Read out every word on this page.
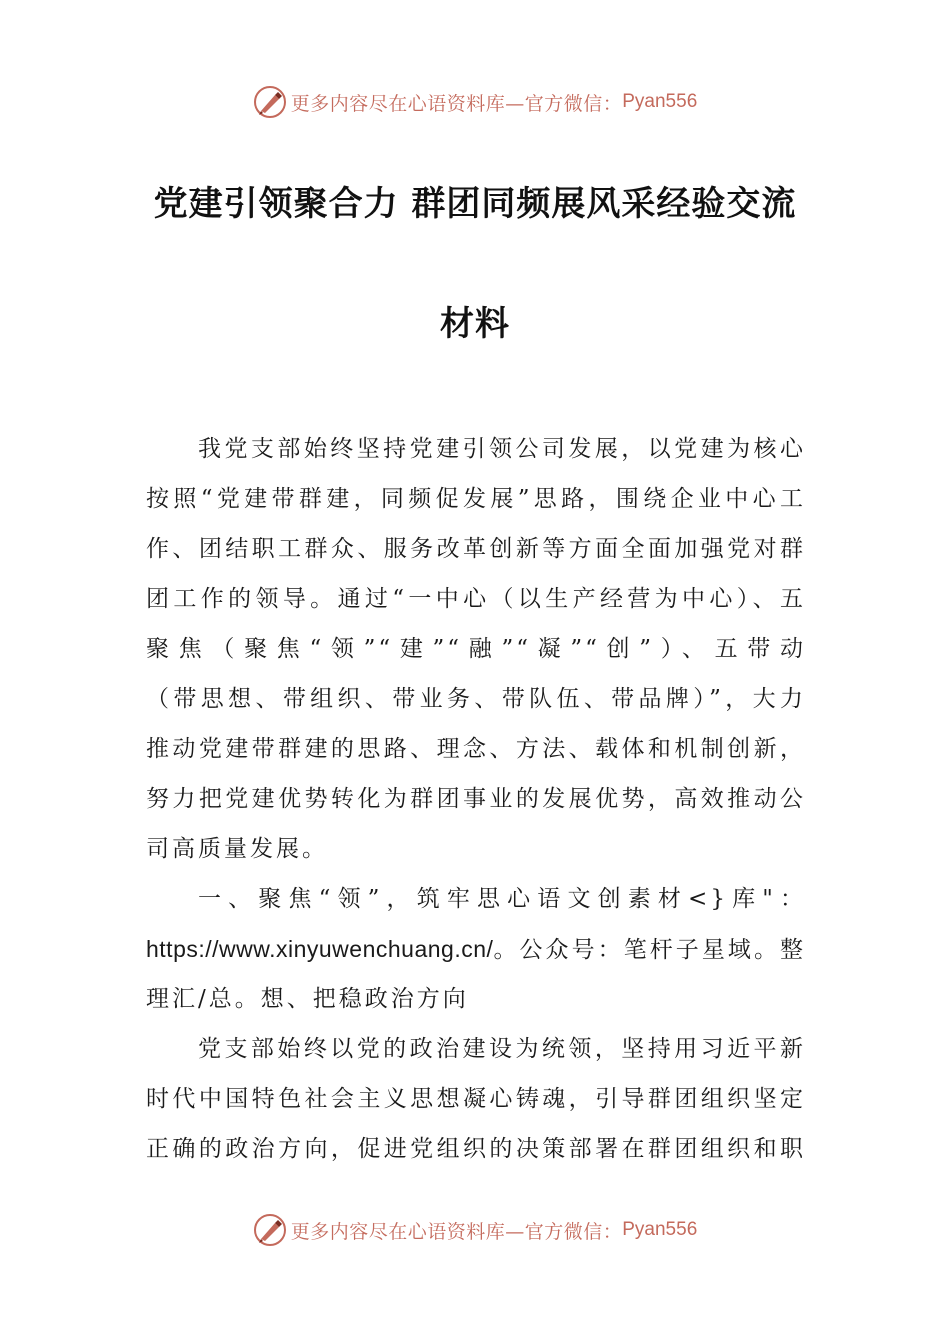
更多内容尽在心语资料库—官方微信： Pyan556
党建引领聚合力 群团同频展风采经验交流
材料
我党支部始终坚持党建引领公司发展，以党建为核心
按照“党建带群建，同频促发展”思路，围绕企业中心工
作、团结职工群众、服务改革创新等方面全面加强党对群
团工作的领导。通过“一中心（以生产经营为中心）、五
聚焦（聚焦“领”“建”“融”“凝”“创”）、五带动
（带思想、带组织、带业务、带队伍、带品牌）”，大力
推动党建带群建的思路、理念、方法、载体和机制创新，
努力把党建优势转化为群团事业的发展优势，高效推动公
司高质量发展。
一、聚焦“领”，筑牢思心语文创素材<}库"：
https://www.xinyuwenchuang.cn/。公众号：笔杆子星域。整
理汇/总。想、把稳政治方向
党支部始终以党的政治建设为统领，坚持用习近平新
时代中国特色社会主义思想凝心铸魂，引导群团组织坚定
正确的政治方向，促进党组织的决策部署在群团组织和职
更多内容尽在心语资料库—官方微信： Pyan556
